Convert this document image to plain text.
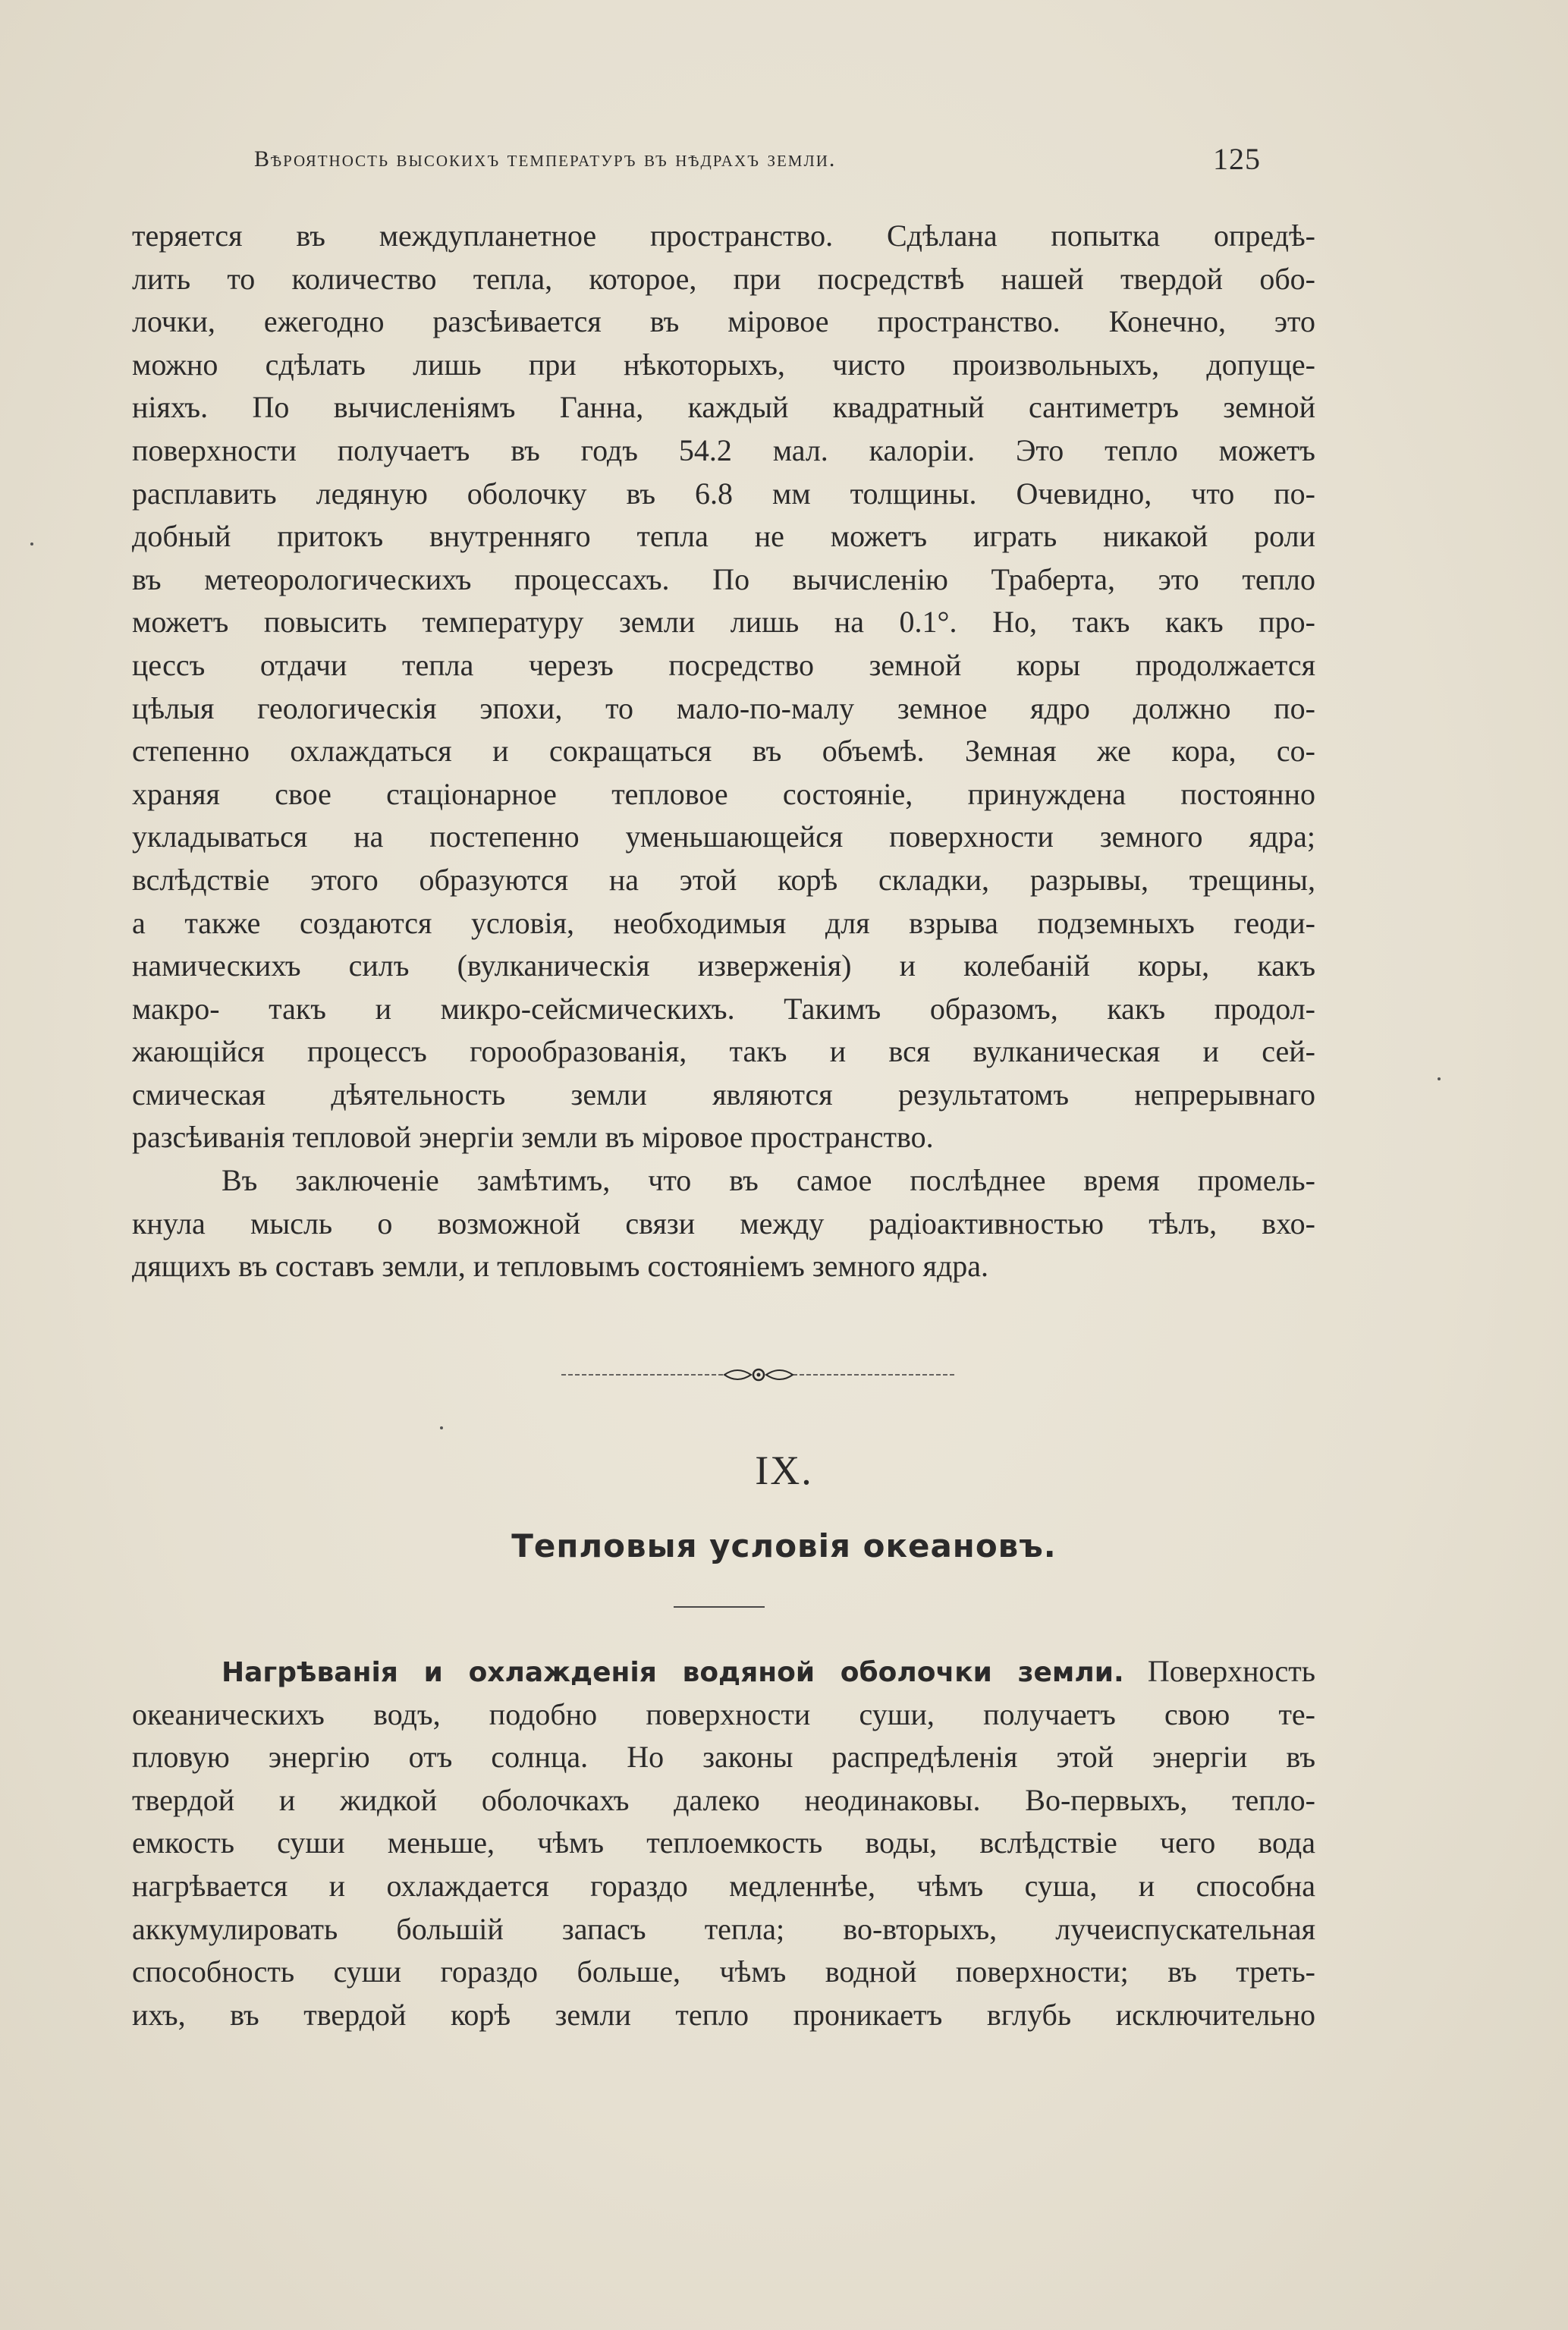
Вѣроятность высокихъ температуръ въ нѣдрахъ земли.	125
теряется въ междупланетное пространство. Сдѣлана попытка опредѣ-
лить то количество тепла, которое, при посредствѣ нашей твердой обо-
лочки, ежегодно разсѣивается въ міровое пространство. Конечно, это
можно сдѣлать лишь при нѣкоторыхъ, чисто произвольныхъ, допуще-
ніяхъ. По вычисленіямъ Ганна, каждый квадратный сантиметръ земной
поверхности получаетъ въ годъ 54.2 мал. калоріи. Это тепло можетъ
расплавить ледяную оболочку въ 6.8 мм толщины. Очевидно, что по-
добный притокъ внутренняго тепла не можетъ играть никакой роли
въ метеорологическихъ процессахъ. По вычисленію Траберта, это тепло
можетъ повысить температуру земли лишь на 0.1°. Но, такъ какъ про-
цессъ отдачи тепла черезъ посредство земной коры продолжается
цѣлыя геологическія эпохи, то мало-по-малу земное ядро должно по-
степенно охлаждаться и сокращаться въ объемѣ. Земная же кора, со-
храняя свое стаціонарное тепловое состояніе, принуждена постоянно
укладываться на постепенно уменьшающейся поверхности земного ядра;
вслѣдствіе этого образуются на этой корѣ складки, разрывы, трещины,
а также создаются условія, необходимыя для взрыва подземныхъ геоди-
намическихъ силъ (вулканическія изверженія) и колебаній коры, какъ
макро- такъ и микро-сейсмическихъ. Такимъ образомъ, какъ продол-
жающійся процессъ горообразованія, такъ и вся вулканическая и сей-
смическая дѣятельность земли являются результатомъ непрерывнаго
разсѣиванія тепловой энергіи земли въ міровое пространство.
Въ заключеніе замѣтимъ, что въ самое послѣднее время промель-
кнула мысль о возможной связи между радіоактивностью тѣлъ, вхо-
дящихъ въ составъ земли, и тепловымъ состояніемъ земного ядра.
IX.
Тепловыя условія океановъ.
Нагрѣванія и охлажденія водяной оболочки земли. Поверхность
океаническихъ водъ, подобно поверхности суши, получаетъ свою те-
пловую энергію отъ солнца. Но законы распредѣленія этой энергіи въ
твердой и жидкой оболочкахъ далеко неодинаковы. Во-первыхъ, тепло-
емкость суши меньше, чѣмъ теплоемкость воды, вслѣдствіе чего вода
нагрѣвается и охлаждается гораздо медленнѣе, чѣмъ суша, и способна
аккумулировать большій запасъ тепла; во-вторыхъ, лучеиспускательная
способность суши гораздо больше, чѣмъ водной поверхности; въ треть-
ихъ, въ твердой корѣ земли тепло проникаетъ вглубь исключительно
